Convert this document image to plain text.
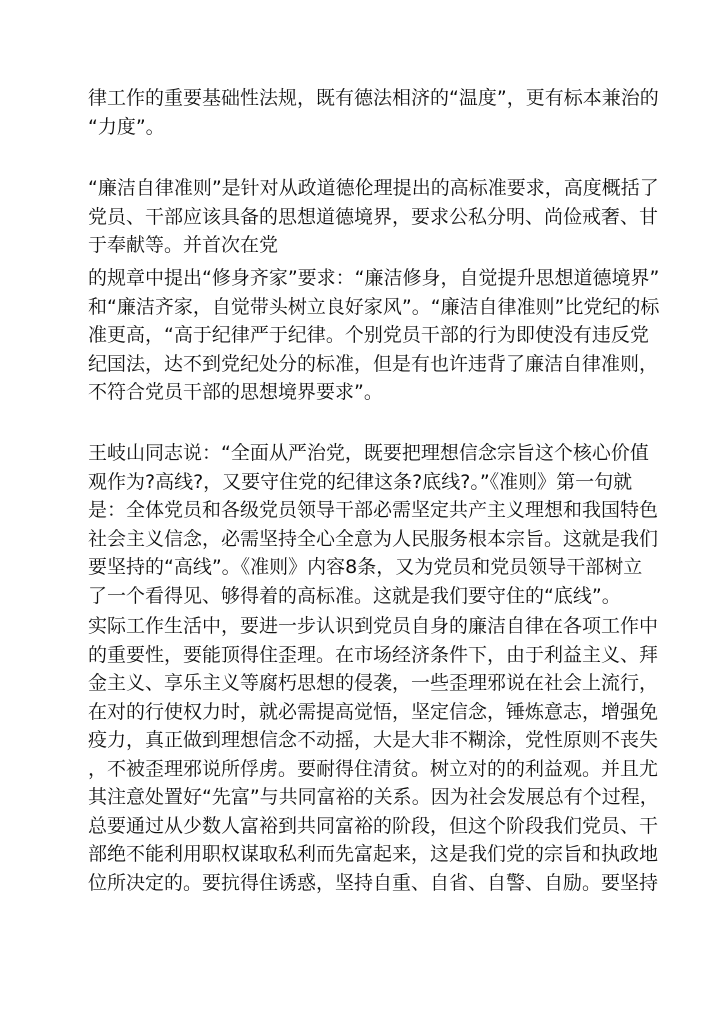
律工作的重要基础性法规，既有德法相济的“温度”，更有标本兼治的
“力度”。
“廉洁自律准则”是针对从政道德伦理提出的高标准要求，高度概括了
党员、干部应该具备的思想道德境界，要求公私分明、尚俭戒奢、甘
于奉献等。并首次在党
的规章中提出“修身齐家”要求：“廉洁修身，自觉提升思想道德境界”
和“廉洁齐家，自觉带头树立良好家风”。“廉洁自律准则”比党纪的标
准更高，“高于纪律严于纪律。个别党员干部的行为即使没有违反党
纪国法，达不到党纪处分的标准，但是有也许违背了廉洁自律准则，
不符合党员干部的思想境界要求”。
王岐山同志说：“全面从严治党，既要把理想信念宗旨这个核心价值
观作为?高线?，又要守住党的纪律这条?底线?。”《准则》第一句就
是：全体党员和各级党员领导干部必需坚定共产主义理想和我国特色
社会主义信念，必需坚持全心全意为人民服务根本宗旨。这就是我们
要坚持的“高线”。《准则》内容8条，又为党员和党员领导干部树立
了一个看得见、够得着的高标准。这就是我们要守住的“底线”。
实际工作生活中，要进一步认识到党员自身的廉洁自律在各项工作中
的重要性，要能顶得住歪理。在市场经济条件下，由于利益主义、拜
金主义、享乐主义等腐朽思想的侵袭，一些歪理邪说在社会上流行，
在对的行使权力时，就必需提高觉悟，坚定信念，锤炼意志，增强免
疫力，真正做到理想信念不动摇，大是大非不糊涂，党性原则不丧失
，不被歪理邪说所俘虏。要耐得住清贫。树立对的的利益观。并且尤
其注意处置好“先富”与共同富裕的关系。因为社会发展总有个过程，
总要通过从少数人富裕到共同富裕的阶段，但这个阶段我们党员、干
部绝不能利用职权谋取私利而先富起来，这是我们党的宗旨和执政地
位所决定的。要抗得住诱惑，坚持自重、自省、自警、自励。要坚持
